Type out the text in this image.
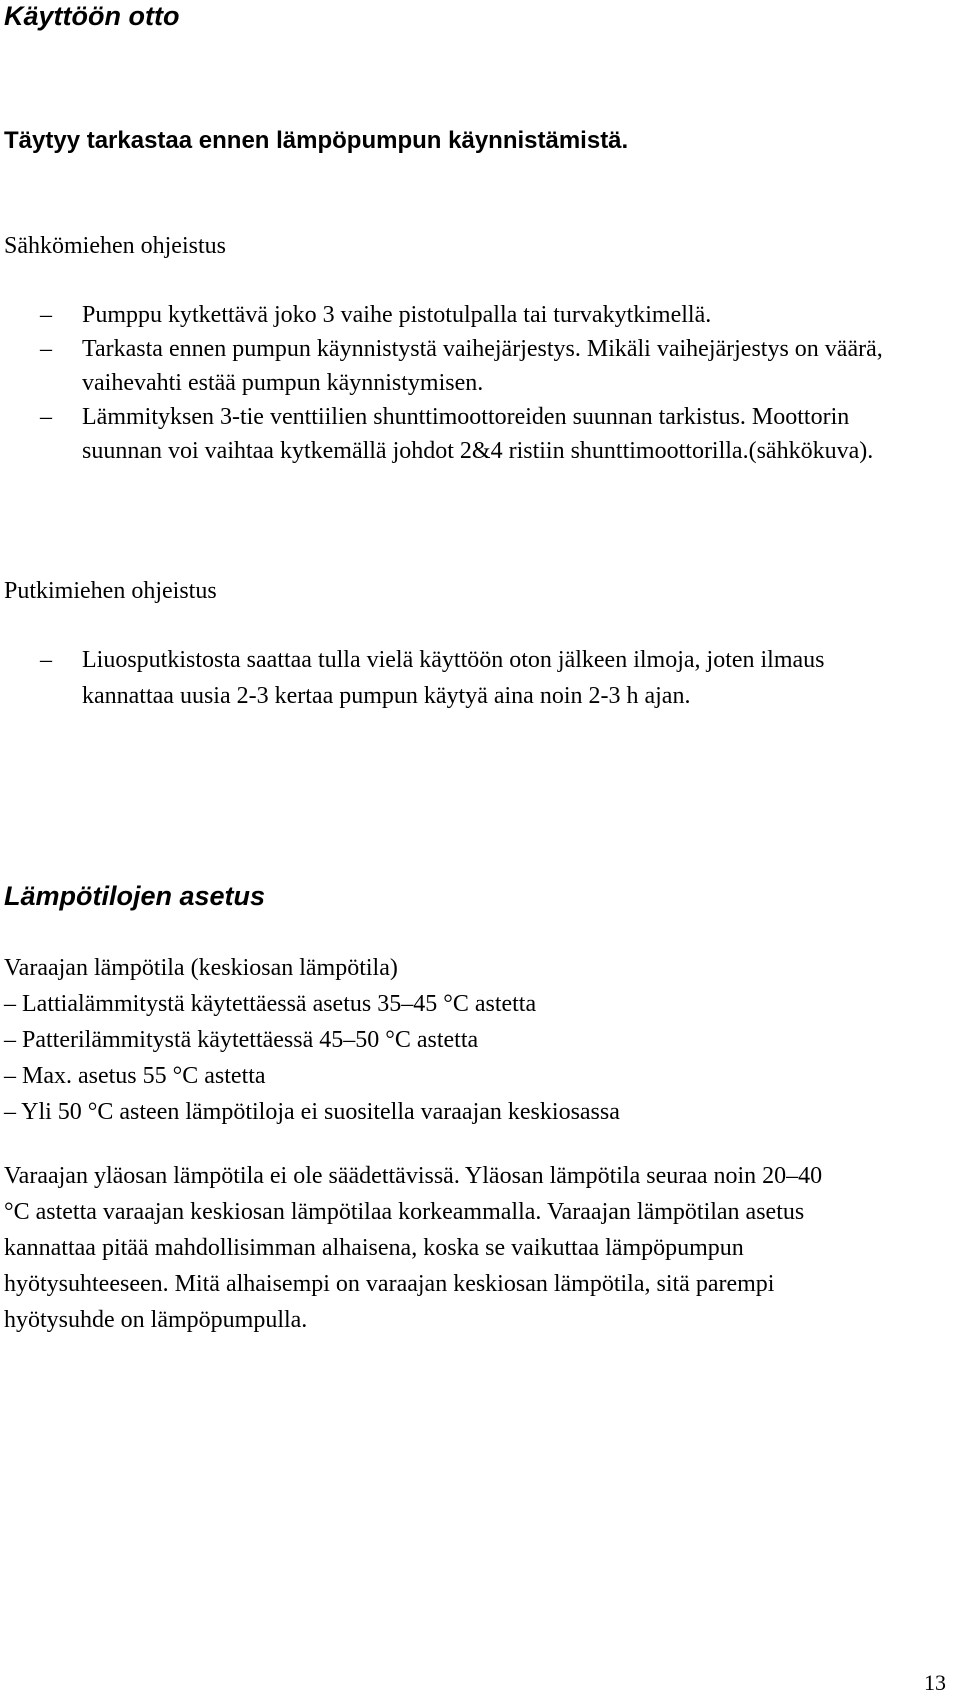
Käyttöön otto

Täytyy tarkastaa ennen lämpöpumpun käynnistämistä.

Sähkömiehen ohjeistus

– Pumppu kytkettävä joko 3 vaihe pistotulpalla tai turvakytkimellä.
– Tarkasta ennen pumpun käynnistystä vaihejärjestys. Mikäli vaihejärjestys on väärä, vaihevahti estää pumpun käynnistymisen.
– Lämmityksen 3-tie venttiilien shunttimoottoreiden suunnan tarkistus. Moottorin suunnan voi vaihtaa kytkemällä johdot 2&4 ristiin shunttimoottorilla.(sähkökuva).

Putkimiehen ohjeistus

– Liuosputkistosta saattaa tulla vielä käyttöön oton jälkeen ilmoja, joten ilmaus kannattaa uusia 2-3 kertaa pumpun käytyä aina noin 2-3 h ajan.
Lämpötilojen asetus

Varaajan lämpötila (keskiosan lämpötila)

– Lattialämmitystä käytettäessä asetus 35–45 °C astetta
– Patterilämmitystä käytettäessä 45–50 °C astetta
– Max. asetus 55 °C astetta
– Yli 50 °C asteen lämpötiloja ei suositella varaajan keskiosassa

Varaajan yläosan lämpötila ei ole säädettävissä. Yläosan lämpötila seuraa noin 20–40 °C astetta varaajan keskiosan lämpötilaa korkeammalla. Varaajan lämpötilan asetus kannattaa pitää mahdollisimman alhaisena, koska se vaikuttaa lämpöpumpun hyötysuhteeseen. Mitä alhaisempi on varaajan keskiosan lämpötila, sitä parempi hyötysuhde on lämpöpumpulla.

13
